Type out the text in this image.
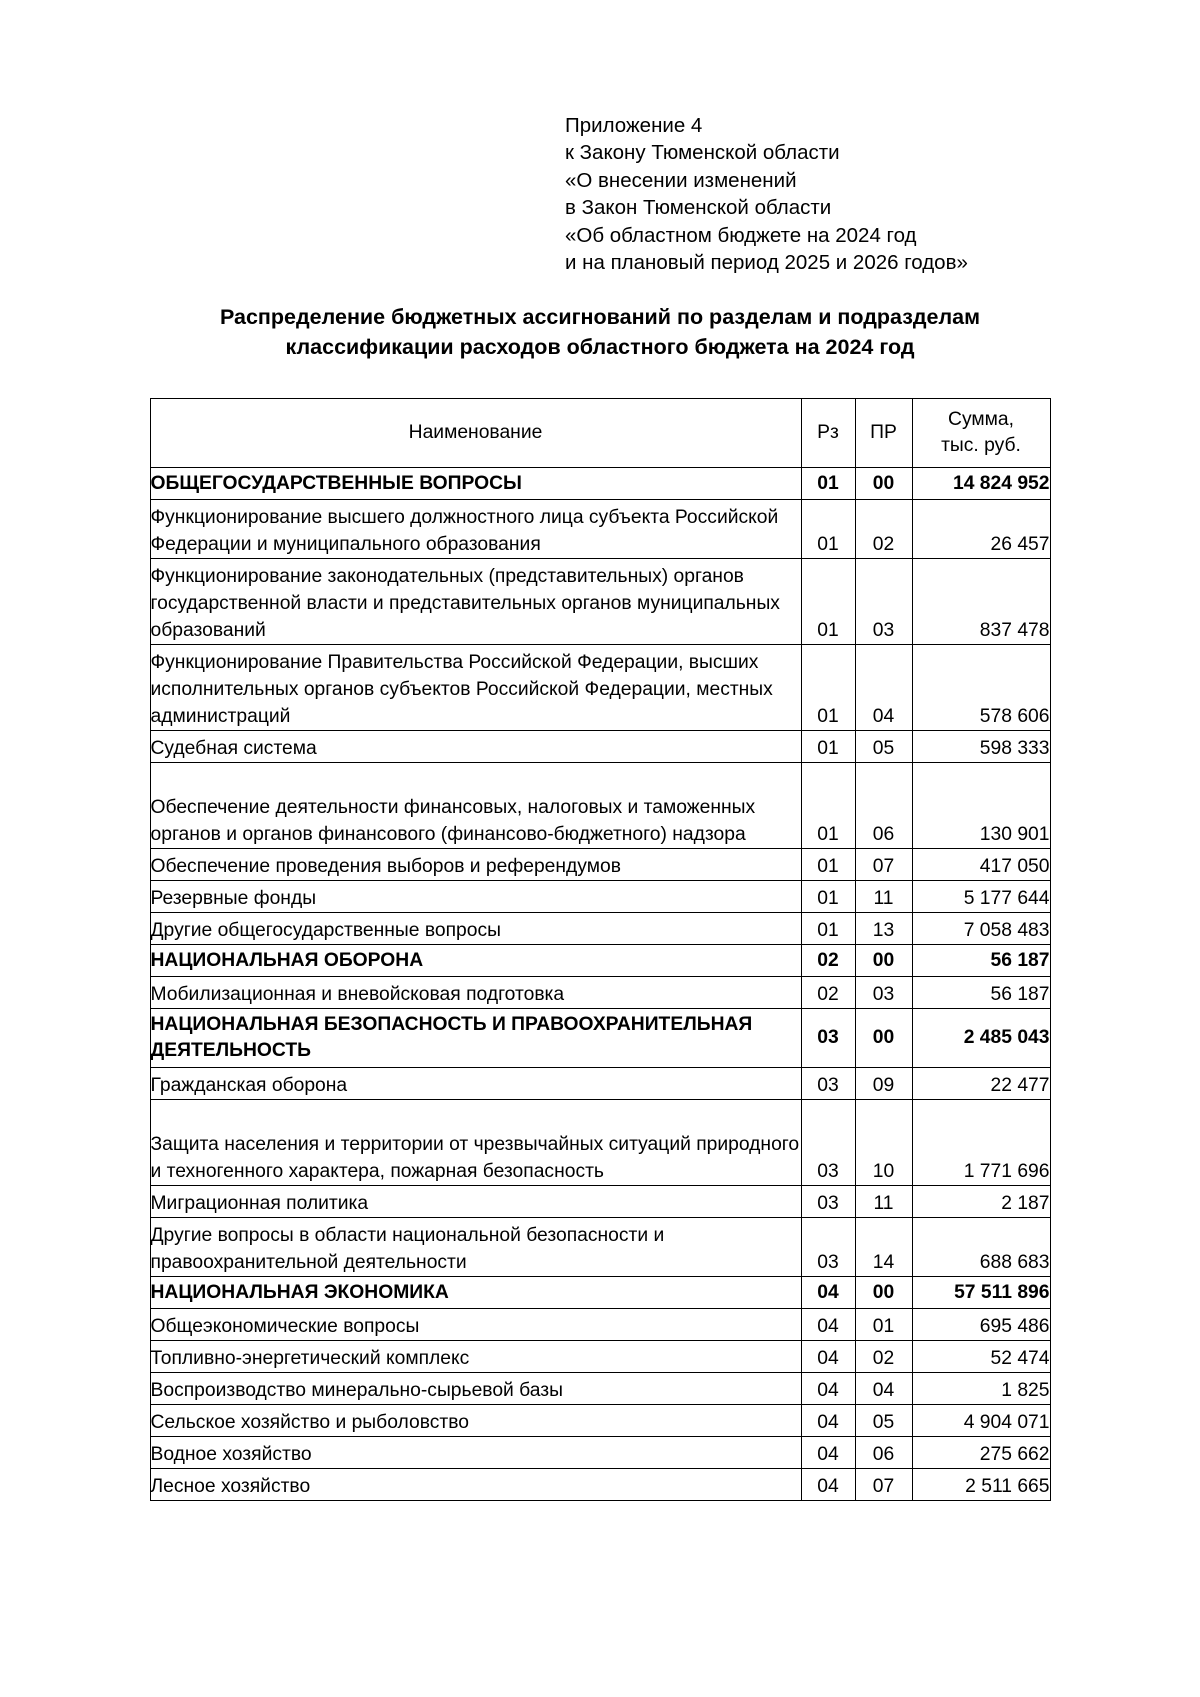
Приложение 4
к Закону Тюменской области
«О внесении изменений
в Закон Тюменской области
«Об областном бюджете на 2024 год
и на плановый период 2025 и 2026 годов»
Распределение бюджетных ассигнований по разделам и подразделам
классификации расходов областного бюджета на 2024 год
Наименование	Рз	ПР	Сумма,
тыс. руб.

ОБЩЕГОСУДАРСТВЕННЫЕ ВОПРОСЫ	01	00	14 824 952
Функционирование высшего должностного лица субъекта Российской Федерации и муниципального образования	01	02	26 457
Функционирование законодательных (представительных) органов государственной власти и представительных органов муниципальных образований	01	03	837 478
Функционирование Правительства Российской Федерации, высших исполнительных органов субъектов Российской Федерации, местных администраций	01	04	578 606
Судебная система	01	05	598 333
Обеспечение деятельности финансовых, налоговых и таможенных органов и органов финансового (финансово-бюджетного) надзора	01	06	130 901
Обеспечение проведения выборов и референдумов	01	07	417 050
Резервные фонды	01	11	5 177 644
Другие общегосударственные вопросы	01	13	7 058 483
НАЦИОНАЛЬНАЯ ОБОРОНА	02	00	56 187
Мобилизационная и вневойсковая подготовка	02	03	56 187
НАЦИОНАЛЬНАЯ БЕЗОПАСНОСТЬ И ПРАВООХРАНИТЕЛЬНАЯ ДЕЯТЕЛЬНОСТЬ	03	00	2 485 043
Гражданская оборона	03	09	22 477
Защита населения и территории от чрезвычайных ситуаций природного и техногенного характера, пожарная безопасность	03	10	1 771 696
Миграционная политика	03	11	2 187
Другие вопросы в области национальной безопасности и правоохранительной деятельности	03	14	688 683
НАЦИОНАЛЬНАЯ ЭКОНОМИКА	04	00	57 511 896
Общеэкономические вопросы	04	01	695 486
Топливно-энергетический комплекс	04	02	52 474
Воспроизводство минерально-сырьевой базы	04	04	1 825
Сельское хозяйство и рыболовство	04	05	4 904 071
Водное хозяйство	04	06	275 662
Лесное хозяйство	04	07	2 511 665
